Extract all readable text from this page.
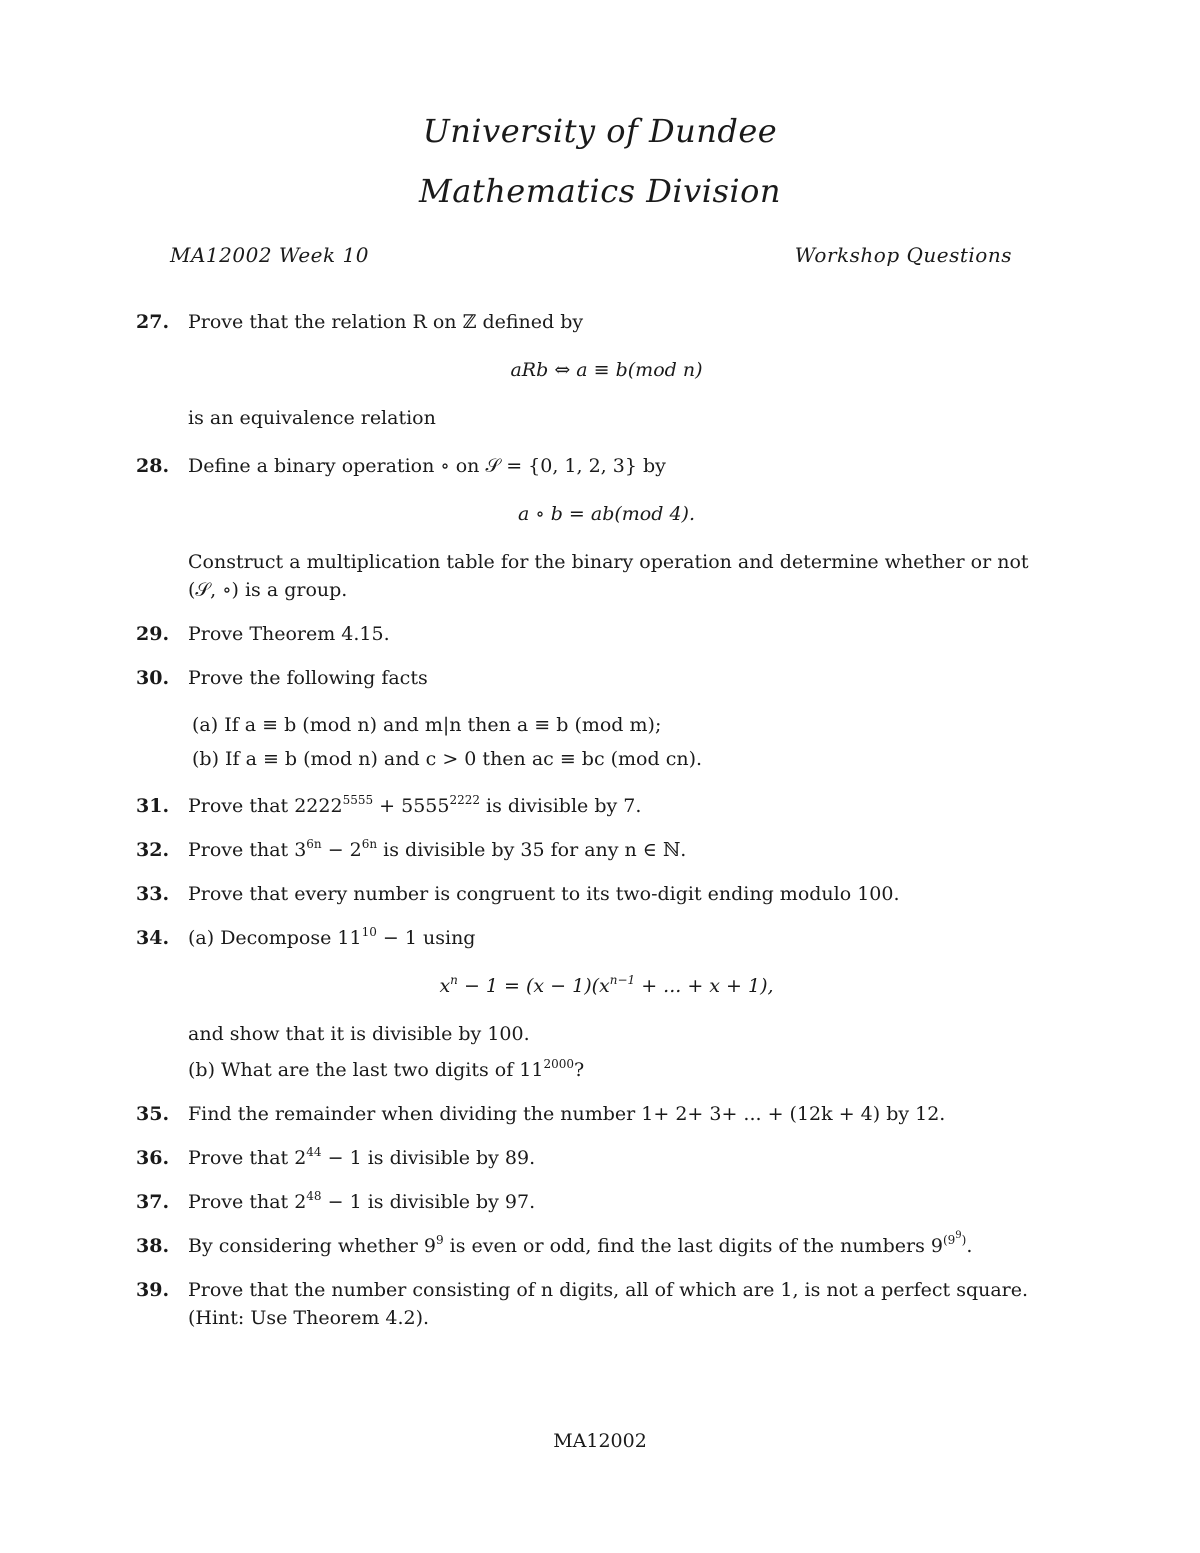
University of Dundee
Mathematics Division
MA12002 Week 10	Workshop Questions
27. Prove that the relation R on ℤ defined by
aRb ⇔ a ≡ b(mod n)
is an equivalence relation
28. Define a binary operation ∘ on 𝒮 = {0, 1, 2, 3} by
a ∘ b = ab(mod 4).
Construct a multiplication table for the binary operation and determine whether or not (𝒮, ∘) is a group.
29. Prove Theorem 4.15.
30. Prove the following facts
(a) If a ≡ b (mod n) and m|n then a ≡ b (mod m);
(b) If a ≡ b (mod n) and c > 0 then ac ≡ bc (mod cn).
31. Prove that $2222^{5555} + 5555^{2222}$ is divisible by 7.
32. Prove that $3^{6n} - 2^{6n}$ is divisible by 35 for any n ∈ ℕ.
33. Prove that every number is congruent to its two-digit ending modulo 100.
34. (a) Decompose $11^{10} - 1$ using
$x^n - 1 = (x - 1)(x^{n-1}$ + ... + x + 1),
and show that it is divisible by 100.
(b) What are the last two digits of $11^{2000}$?
35. Find the remainder when dividing the number 1+ 2+ 3+ ... + (12k + 4) by 12.
36. Prove that $2^{44} - 1$ is divisible by 89.
37. Prove that $2^{48} - 1$ is divisible by 97.
38. By considering whether $9^9$ is even or odd, find the last digits of the numbers 9$^{(9^9)}$.
39. Prove that the number consisting of n digits, all of which are 1, is not a perfect square. (Hint: Use Theorem 4.2).
MA12002
